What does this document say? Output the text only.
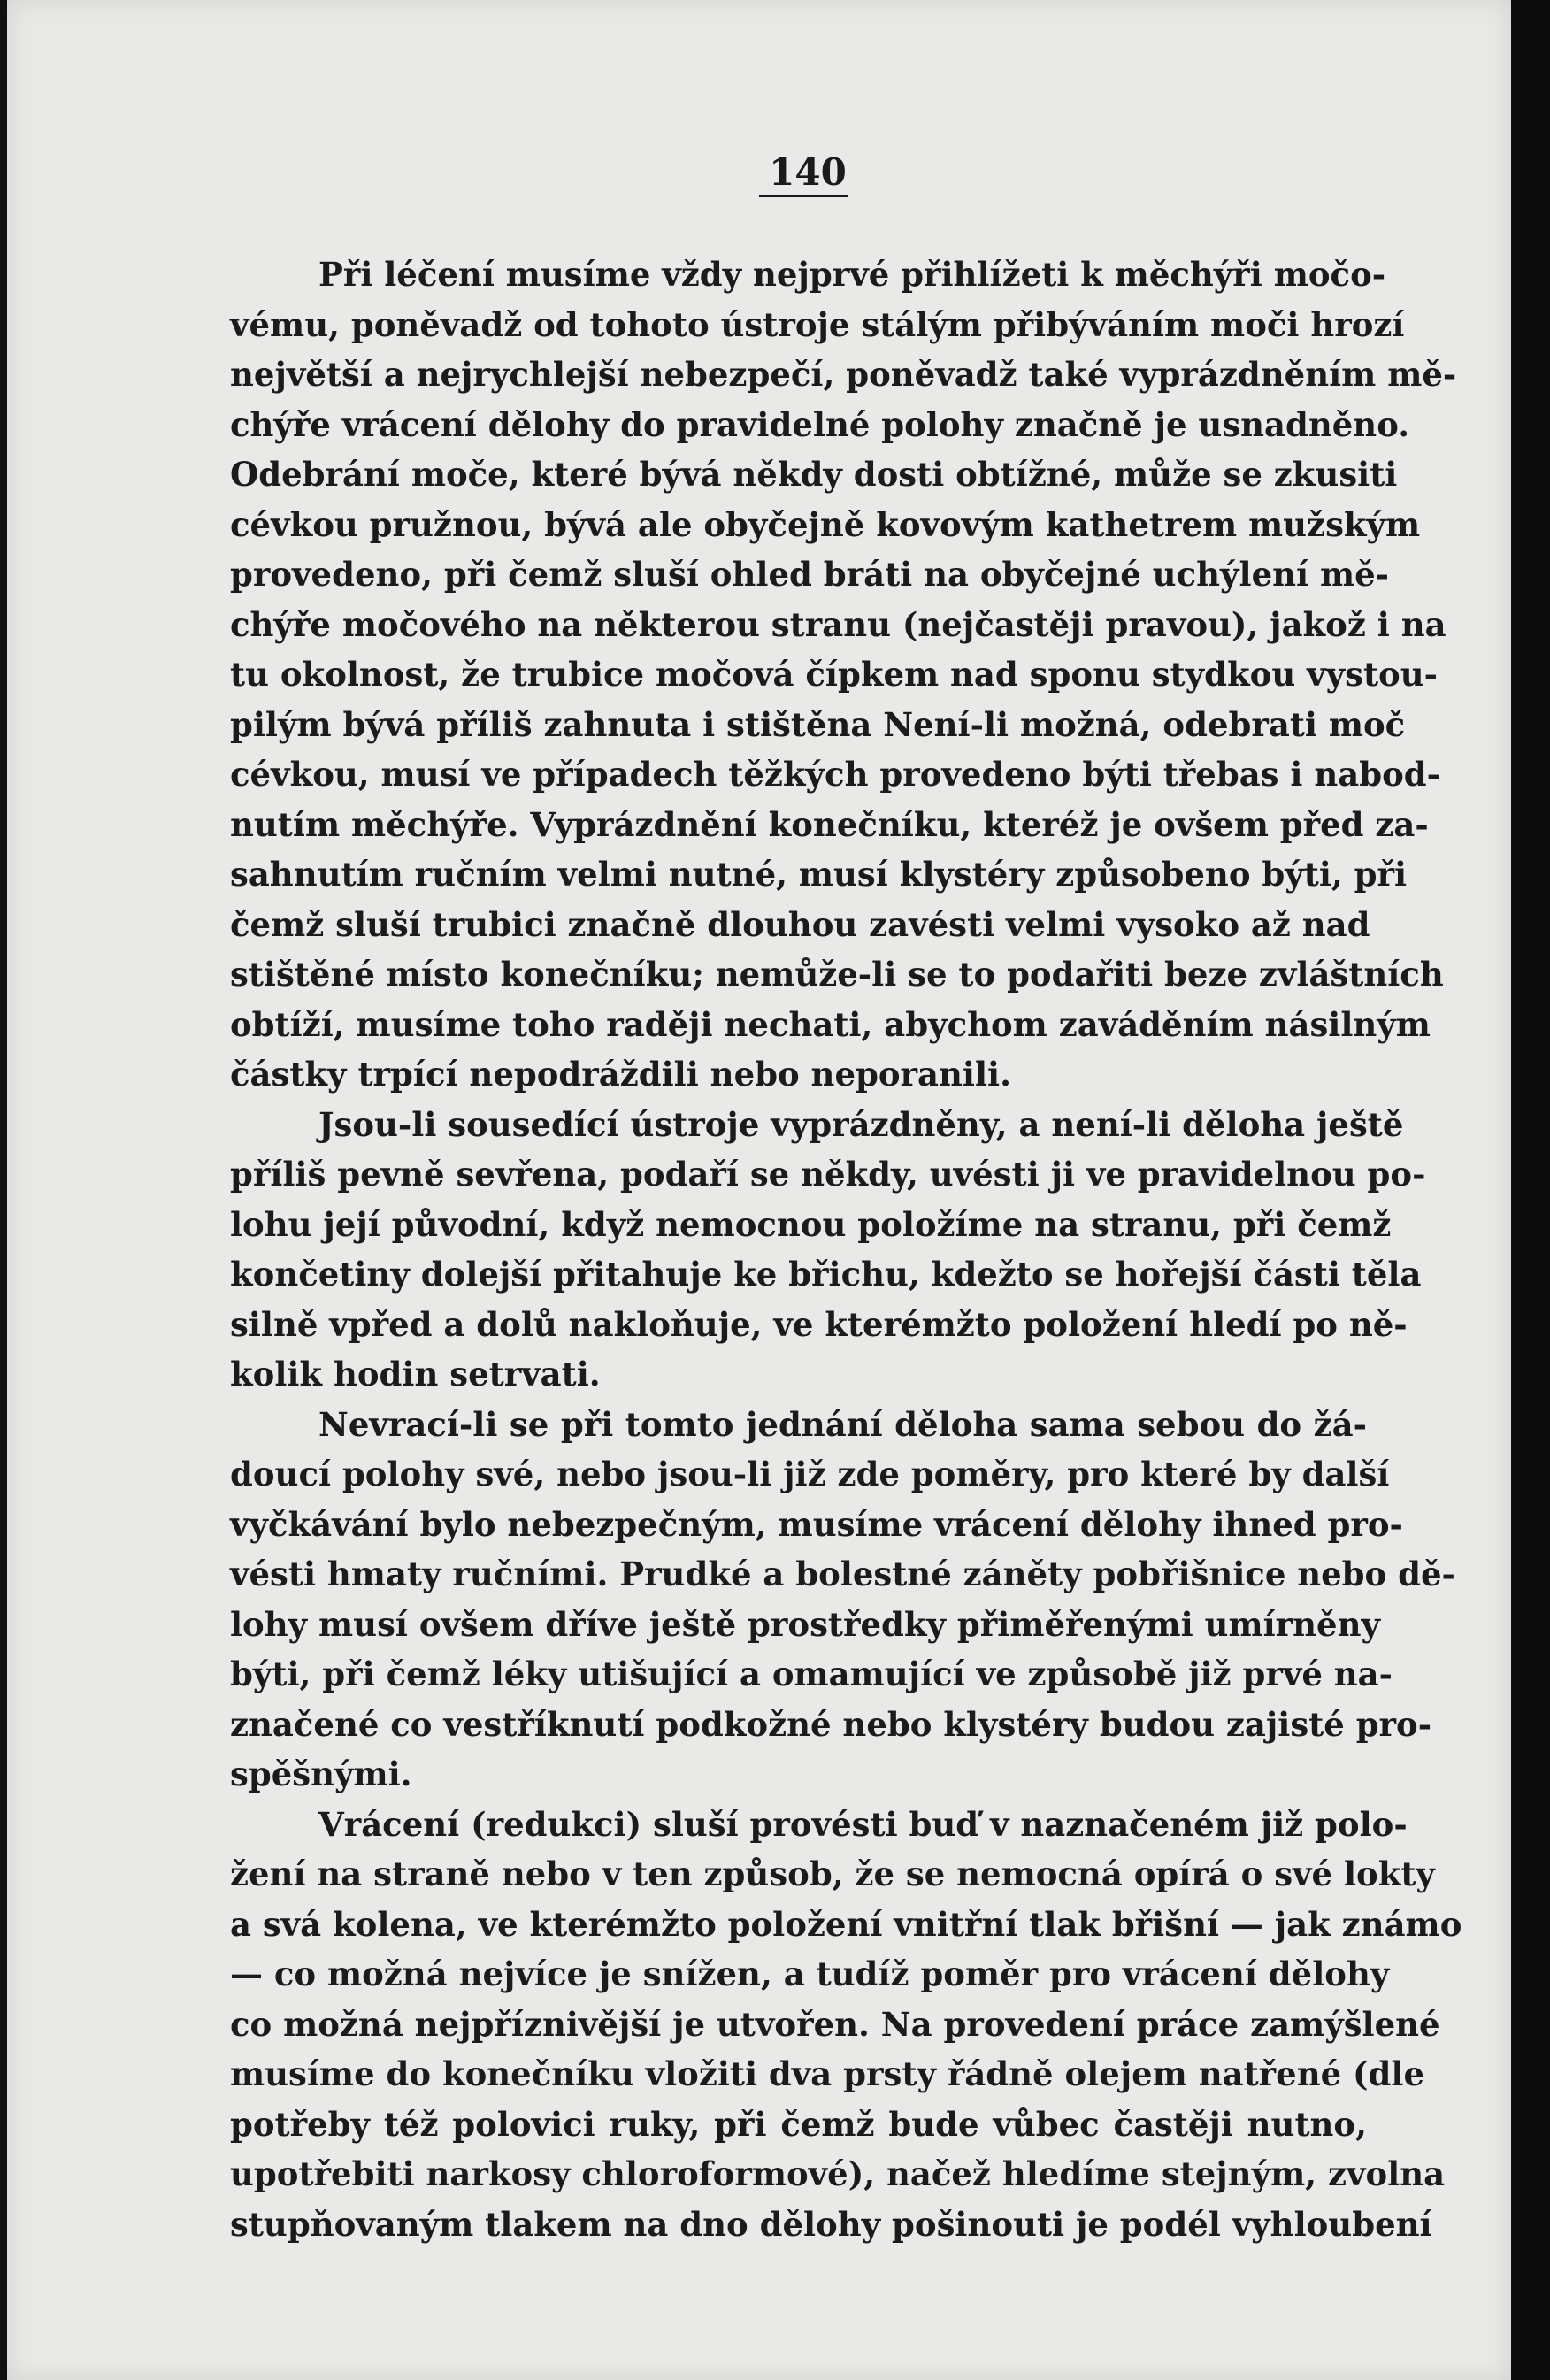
140
Při léčení musíme vždy nejprvé přihlížeti k měchýři močo-
vému, poněvadž od tohoto ústroje stálým přibýváním moči hrozí
největší a nejrychlejší nebezpečí, poněvadž také vyprázdněním mě-
chýře vrácení dělohy do pravidelné polohy značně je usnadněno.
Odebrání moče, které bývá někdy dosti obtížné, může se zkusiti
cévkou pružnou, bývá ale obyčejně kovovým kathetrem mužským
provedeno, při čemž sluší ohled bráti na obyčejné uchýlení mě-
chýře močového na některou stranu (nejčastěji pravou), jakož i na
tu okolnost, že trubice močová čípkem nad sponu stydkou vystou-
pilým bývá příliš zahnuta i stištěna Není-li možná, odebrati moč
cévkou, musí ve případech těžkých provedeno býti třebas i nabod-
nutím měchýře. Vyprázdnění konečníku, kteréž je ovšem před za-
sahnutím ručním velmi nutné, musí klystéry způsobeno býti, při
čemž sluší trubici značně dlouhou zavésti velmi vysoko až nad
stištěné místo konečníku; nemůže-li se to podařiti beze zvláštních
obtíží, musíme toho raději nechati, abychom zaváděním násilným
částky trpící nepodráždili nebo neporanili.
Jsou-li sousedící ústroje vyprázdněny, a není-li děloha ještě
příliš pevně sevřena, podaří se někdy, uvésti ji ve pravidelnou po-
lohu její původní, když nemocnou položíme na stranu, při čemž
končetiny dolejší přitahuje ke břichu, kdežto se hořejší části těla
silně vpřed a dolů nakloňuje, ve kterémžto položení hledí po ně-
kolik hodin setrvati.
Nevrací-li se při tomto jednání děloha sama sebou do žá-
doucí polohy své, nebo jsou-li již zde poměry, pro které by další
vyčkávání bylo nebezpečným, musíme vrácení dělohy ihned pro-
vésti hmaty ručními. Prudké a bolestné záněty pobřišnice nebo dě-
lohy musí ovšem dříve ještě prostředky přiměřenými umírněny
býti, při čemž léky utišující a omamující ve způsobě již prvé na-
značené co vestříknutí podkožné nebo klystéry budou zajisté pro-
spěšnými.
Vrácení (redukci) sluší provésti buď v naznačeném již polo-
žení na straně nebo v ten způsob, že se nemocná opírá o své lokty
a svá kolena, ve kterémžto položení vnitřní tlak břišní — jak známo
— co možná nejvíce je snížen, a tudíž poměr pro vrácení dělohy
co možná nejpříznivější je utvořen. Na provedení práce zamýšlené
musíme do konečníku vložiti dva prsty řádně olejem natřené (dle
potřeby též polovici ruky, při čemž bude vůbec častěji nutno,
upotřebiti narkosy chloroformové), načež hledíme stejným, zvolna
stupňovaným tlakem na dno dělohy pošinouti je podél vyhloubení
